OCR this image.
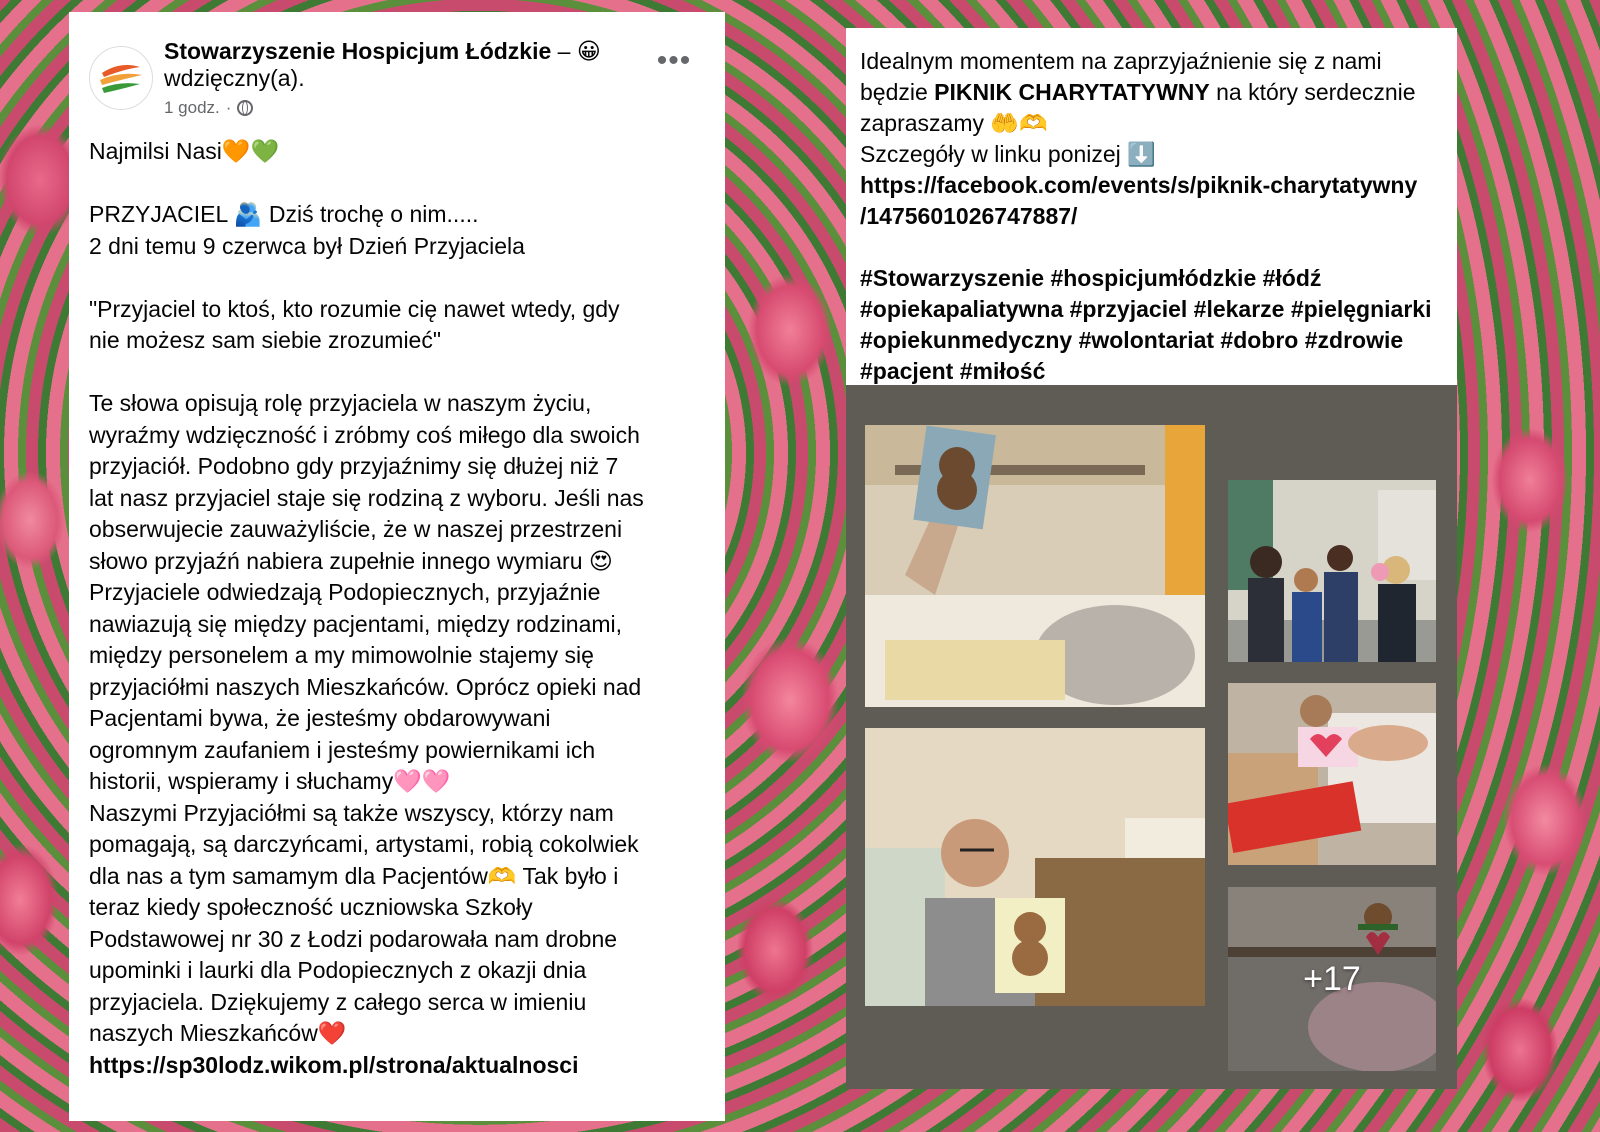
Stowarzyszenie Hospicjum Łódzkie – 😀
wdzięczny(a).
1 godz. ·
•••

Najmilsi Nasi🧡💚

PRZYJACIEL 🫂 Dziś trochę o nim.....
2 dni temu 9 czerwca był Dzień Przyjaciela

"Przyjaciel to ktoś, kto rozumie cię nawet wtedy, gdy
nie możesz sam siebie zrozumieć"

Te słowa opisują rolę przyjaciela w naszym życiu,
wyraźmy wdzięczność i zróbmy coś miłego dla swoich
przyjaciół. Podobno gdy przyjaźnimy się dłużej niż 7
lat nasz przyjaciel staje się rodziną z wyboru. Jeśli nas
obserwujecie zauważyliście, że w naszej przestrzeni
słowo przyjaźń nabiera zupełnie innego wymiaru 😍
Przyjaciele odwiedzają Podopiecznych, przyjaźnie
nawiazują się między pacjentami, między rodzinami,
między personelem a my mimowolnie stajemy się
przyjaciółmi naszych Mieszkańców. Oprócz opieki nad
Pacjentami bywa, że jesteśmy obdarowywani
ogromnym zaufaniem i jesteśmy powiernikami ich
historii, wspieramy i słuchamy🩷🩷
Naszymi Przyjaciółmi są także wszyscy, którzy nam
pomagają, są darczyńcami, artystami, robią cokolwiek
dla nas a tym samamym dla Pacjentów🫶 Tak było i
teraz kiedy społeczność uczniowska Szkoły
Podstawowej nr 30 z Łodzi podarowała nam drobne
upominki i laurki dla Podopiecznych z okazji dnia
przyjaciela. Dziękujemy z całego serca w imieniu
naszych Mieszkańców❤️

https://sp30lodz.wikom.pl/strona/aktualnosci
Idealnym momentem na zaprzyjaźnienie się z nami
będzie PIKNIK CHARYTATYWNY na który serdecznie
zapraszamy 🤲🫶
Szczegóły w linku ponizej ⬇️
https://facebook.com/events/s/piknik-charytatywny
/1475601026747887/
#Stowarzyszenie #hospicjumłódzkie #łódź
#opiekapaliatywna #przyjaciel #lekarze #pielęgniarki
#opiekunmedyczny #wolontariat #dobro #zdrowie
#pacjent #miłość
+17
